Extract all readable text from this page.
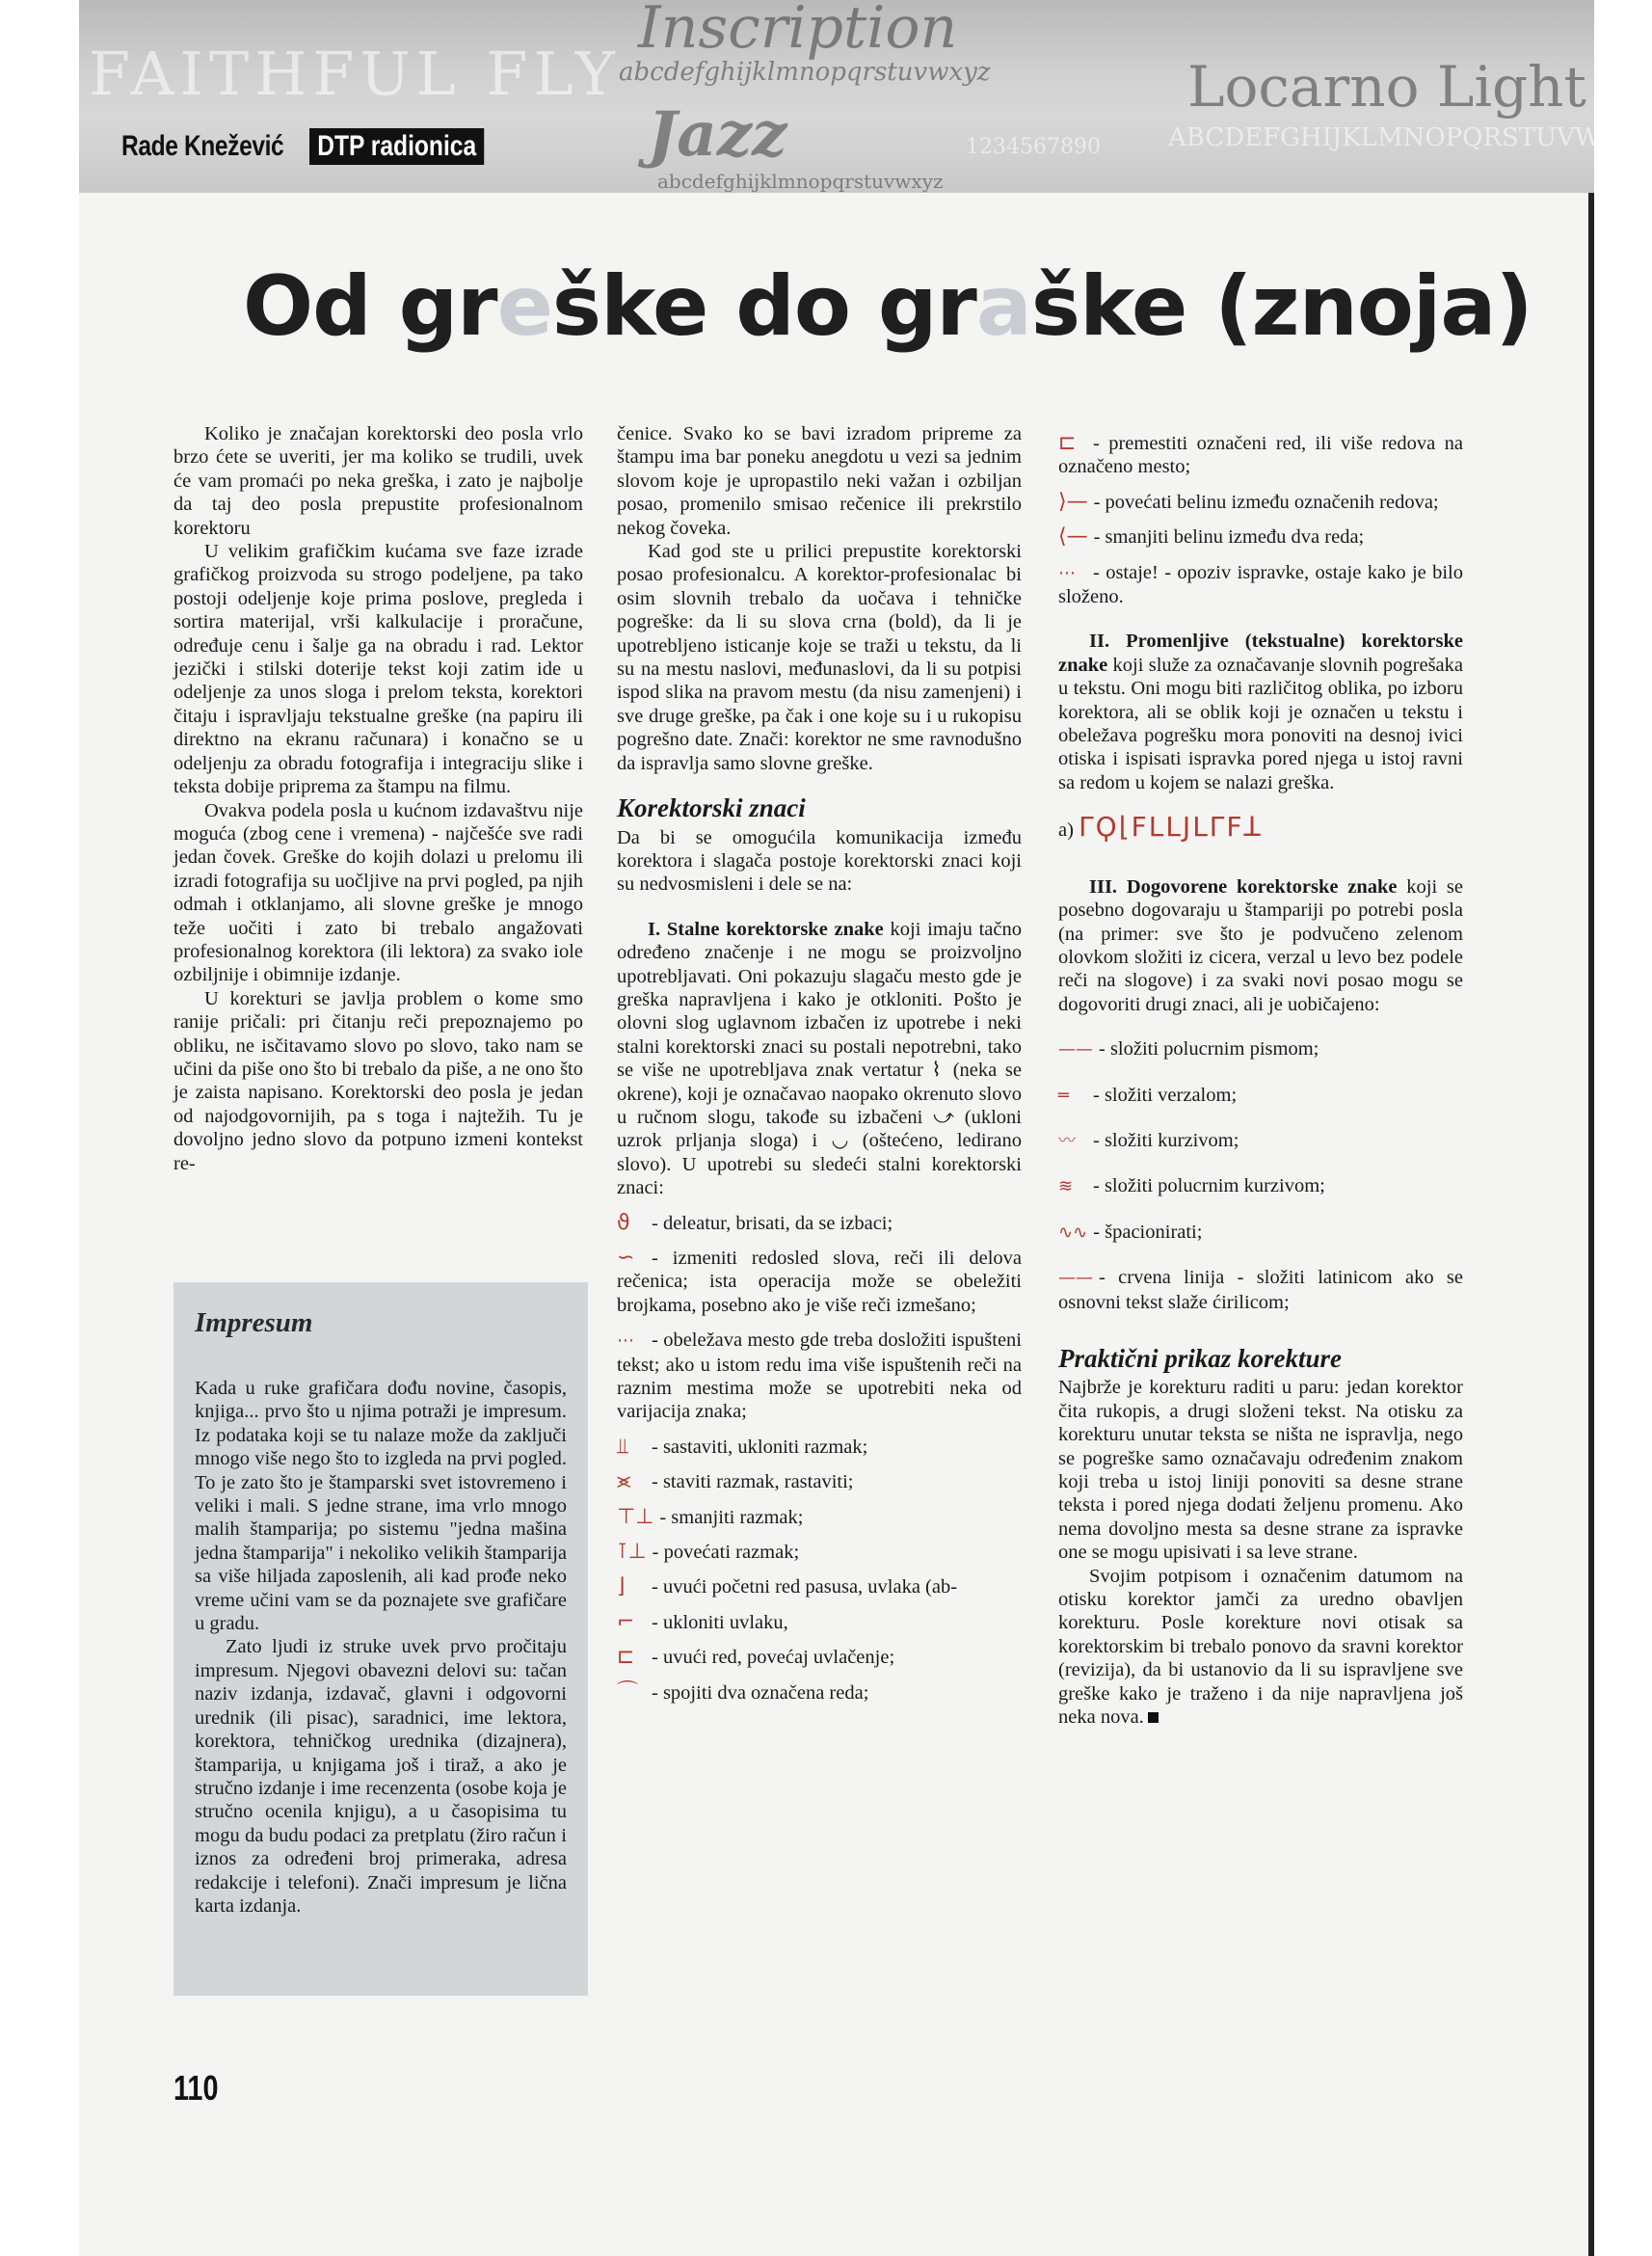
FAITHFUL FLY
Inscription
abcdefghijklmnopqrstuvwxyz
Jazz
abcdefghijklmnopqrstuvwxyz
1234567890
Locarno Light
ABCDEFGHIJKLMNOPQRSTUVWXYZ
Rade Knežević DTP radionica
Od greške do graške (znoja)

Koliko je značajan korektorski deo posla vrlo brzo ćete se uveriti, jer ma koliko se trudili, uvek će vam promaći po neka greška, i zato je najbolje da taj deo posla prepustite profesionalnom korektoru

U velikim grafičkim kućama sve faze izrade grafičkog proizvoda su strogo podeljene, pa tako postoji odeljenje koje prima poslove, pregleda i sortira materijal, vrši kalkulacije i proračune, određuje cenu i šalje ga na obradu i rad. Lektor jezički i stilski doterije tekst koji zatim ide u odeljenje za unos sloga i prelom teksta, korektori čitaju i ispravljaju tekstualne greške (na papiru ili direktno na ekranu računara) i konačno se u odeljenju za obradu fotografija i integraciju slike i teksta dobije priprema za štampu na filmu.

Ovakva podela posla u kućnom izdavaštvu nije moguća (zbog cene i vremena) - najčešće sve radi jedan čovek. Greške do kojih dolazi u prelomu ili izradi fotografija su uočljive na prvi pogled, pa njih odmah i otklanjamo, ali slovne greške je mnogo teže uočiti i zato bi trebalo angažovati profesionalnog korektora (ili lektora) za svako iole ozbiljnije i obimnije izdanje.

U korekturi se javlja problem o kome smo ranije pričali: pri čitanju reči prepoznajemo po obliku, ne isčitavamo slovo po slovo, tako nam se učini da piše ono što bi trebalo da piše, a ne ono što je zaista napisano. Korektorski deo posla je jedan od najodgovornijih, pa s toga i najtežih. Tu je dovoljno jedno slovo da potpuno izmeni kontekst re-

Impresum

Kada u ruke grafičara dođu novine, časopis, knjiga... prvo što u njima potraži je impresum. Iz podataka koji se tu nalaze može da zaključi mnogo više nego što to izgleda na prvi pogled. To je zato što je štamparski svet istovremeno i veliki i mali. S jedne strane, ima vrlo mnogo malih štamparija; po sistemu "jedna mašina jedna štamparija" i nekoliko velikih štamparija sa više hiljada zaposlenih, ali kad prođe neko vreme učini vam se da poznajete sve grafičare u gradu.

Zato ljudi iz struke uvek prvo pročitaju impresum. Njegovi obavezni delovi su: tačan naziv izdanja, izdavač, glavni i odgovorni urednik (ili pisac), saradnici, ime lektora, korektora, tehničkog urednika (dizajnera), štamparija, u knjigama još i tiraž, a ako je stručno izdanje i ime recenzenta (osobe koja je stručno ocenila knjigu), a u časopisima tu mogu da budu podaci za pretplatu (žiro račun i iznos za određeni broj primeraka, adresa redakcije i telefoni). Znači impresum je lična karta izdanja.

čenice. Svako ko se bavi izradom pripreme za štampu ima bar poneku anegdotu u vezi sa jednim slovom koje je upropastilo neki važan i ozbiljan posao, promenilo smisao rečenice ili prekrstilo nekog čoveka.

Kad god ste u prilici prepustite korektorski posao profesionalcu. A korektor-profesionalac bi osim slovnih trebalo da uočava i tehničke pogreške: da li su slova crna (bold), da li je upotrebljeno isticanje koje se traži u tekstu, da li su na mestu naslovi, međunaslovi, da li su potpisi ispod slika na pravom mestu (da nisu zamenjeni) i sve druge greške, pa čak i one koje su i u rukopisu pogrešno date. Znači: korektor ne sme ravnodušno da ispravlja samo slovne greške.

Korektorski znaci

Da bi se omogućila komunikacija između korektora i slagača postoje korektorski znaci koji su nedvosmisleni i dele se na:

I. Stalne korektorske znake koji imaju tačno određeno značenje i ne mogu se proizvoljno upotrebljavati. Oni pokazuju slagaču mesto gde je greška napravljena i kako je otkloniti. Pošto je olovni slog uglavnom izbačen iz upotrebe i neki stalni korektorski znaci su postali nepotrebni, tako se više ne upotrebljava znak vertatur ⌇ (neka se okrene), koji je označavao naopako okrenuto slovo u ručnom slogu, takođe su izbačeni ⤻ (ukloni uzrok prljanja sloga) i ◡ (oštećeno, ledirano slovo). U upotrebi su sledeći stalni korektorski znaci:

ϑ - deleatur, brisati, da se izbaci;

∽ - izmeniti redosled slova, reči ili delova rečenica; ista operacija može se obeležiti brojkama, posebno ako je više reči izmešano;

⋯ - obeležava mesto gde treba dosložiti ispušteni tekst; ako u istom redu ima više ispuštenih reči na raznim mestima može se upotrebiti neka od varijacija znaka;

⫫ - sastaviti, ukloniti razmak;

⪤ - staviti razmak, rastaviti;

⊤⊥ - smanjiti razmak;

⊺⊥ - povećati razmak;

⌋ - uvući početni red pasusa, uvlaka (ab-

⌐ - ukloniti uvlaku,

⊏ - uvući red, povećaj uvlačenje;

⌒ - spojiti dva označena reda;

⊏ - premestiti označeni red, ili više redova na označeno mesto;

⟩— - povećati belinu između označenih redova;

⟨— - smanjiti belinu između dva reda;

⋯ - ostaje! - opoziv ispravke, ostaje kako je bilo složeno.

II. Promenljive (tekstualne) korektorske znake koji služe za označavanje slovnih pogrešaka u tekstu. Oni mogu biti različitog oblika, po izboru korektora, ali se oblik koji je označen u tekstu i obeležava pogrešku mora ponoviti na desnoj ivici otiska i ispisati ispravka pored njega u istoj ravni sa redom u kojem se nalazi greška.

a) ΓϘ⌊FLLJLΓFꓕ

III. Dogovorene korektorske znake koji se posebno dogovaraju u štampariji po potrebi posla (na primer: sve što je podvučeno zelenom olovkom složiti iz cicera, verzal u levo bez podele reči na slogove) i za svaki novi posao mogu se dogovoriti drugi znaci, ali je uobičajeno:

—— - složiti polucrnim pismom;

═ - složiti verzalom;

〰 - složiti kurzivom;

≋ - složiti polucrnim kurzivom;

∿∿ - špacionirati;

—— - crvena linija - složiti latinicom ako se osnovni tekst slaže ćirilicom;

Praktični prikaz korekture

Najbrže je korekturu raditi u paru: jedan korektor čita rukopis, a drugi složeni tekst. Na otisku za korekturu unutar teksta se ništa ne ispravlja, nego se pogreške samo označavaju određenim znakom koji treba u istoj liniji ponoviti sa desne strane teksta i pored njega dodati željenu promenu. Ako nema dovoljno mesta sa desne strane za ispravke one se mogu upisivati i sa leve strane.

Svojim potpisom i označenim datumom na otisku korektor jamči za uredno obavljen korekturu. Posle korekture novi otisak sa korektorskim bi trebalo ponovo da sravni korektor (revizija), da bi ustanovio da li su ispravljene sve greške kako je traženo i da nije napravljena još neka nova.

110
